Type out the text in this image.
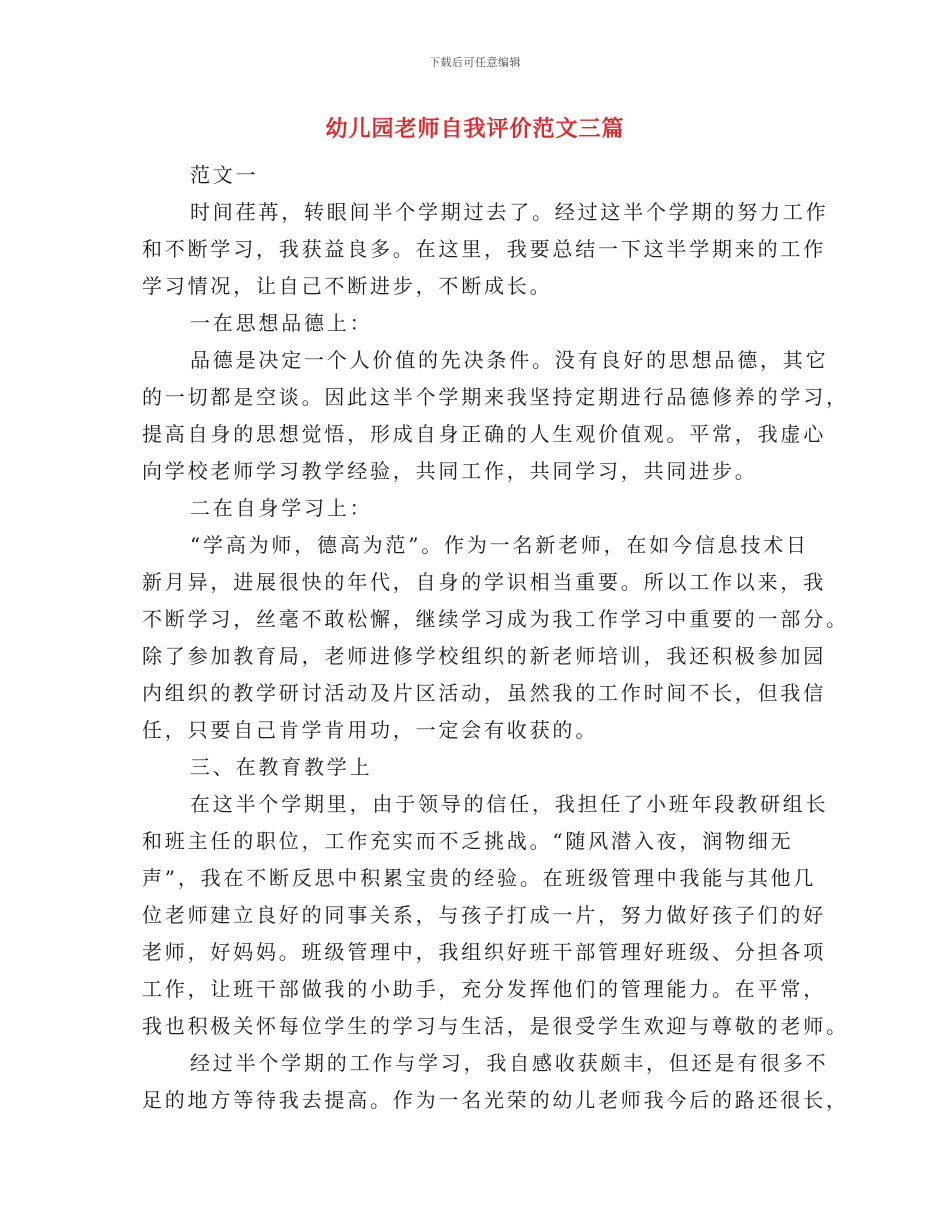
下载后可任意编辑
幼儿园老师自我评价范文三篇
范文一
时间荏苒，转眼间半个学期过去了。经过这半个学期的努力工作
和不断学习，我获益良多。在这里，我要总结一下这半学期来的工作
学习情况，让自己不断进步，不断成长。
一在思想品德上：
品德是决定一个人价值的先决条件。没有良好的思想品德，其它
的一切都是空谈。因此这半个学期来我坚持定期进行品德修养的学习，
提高自身的思想觉悟，形成自身正确的人生观价值观。平常，我虚心
向学校老师学习教学经验，共同工作，共同学习，共同进步。
二在自身学习上：
“学高为师，德高为范”。作为一名新老师，在如今信息技术日
新月异，进展很快的年代，自身的学识相当重要。所以工作以来，我
不断学习，丝毫不敢松懈，继续学习成为我工作学习中重要的一部分。
除了参加教育局，老师进修学校组织的新老师培训，我还积极参加园
内组织的教学研讨活动及片区活动，虽然我的工作时间不长，但我信
任，只要自己肯学肯用功，一定会有收获的。
三、在教育教学上
在这半个学期里，由于领导的信任，我担任了小班年段教研组长
和班主任的职位，工作充实而不乏挑战。“随风潜入夜，润物细无
声”，我在不断反思中积累宝贵的经验。在班级管理中我能与其他几
位老师建立良好的同事关系，与孩子打成一片，努力做好孩子们的好
老师，好妈妈。班级管理中，我组织好班干部管理好班级、分担各项
工作，让班干部做我的小助手，充分发挥他们的管理能力。在平常，
我也积极关怀每位学生的学习与生活，是很受学生欢迎与尊敬的老师。
经过半个学期的工作与学习，我自感收获颇丰，但还是有很多不
足的地方等待我去提高。作为一名光荣的幼儿老师我今后的路还很长，
